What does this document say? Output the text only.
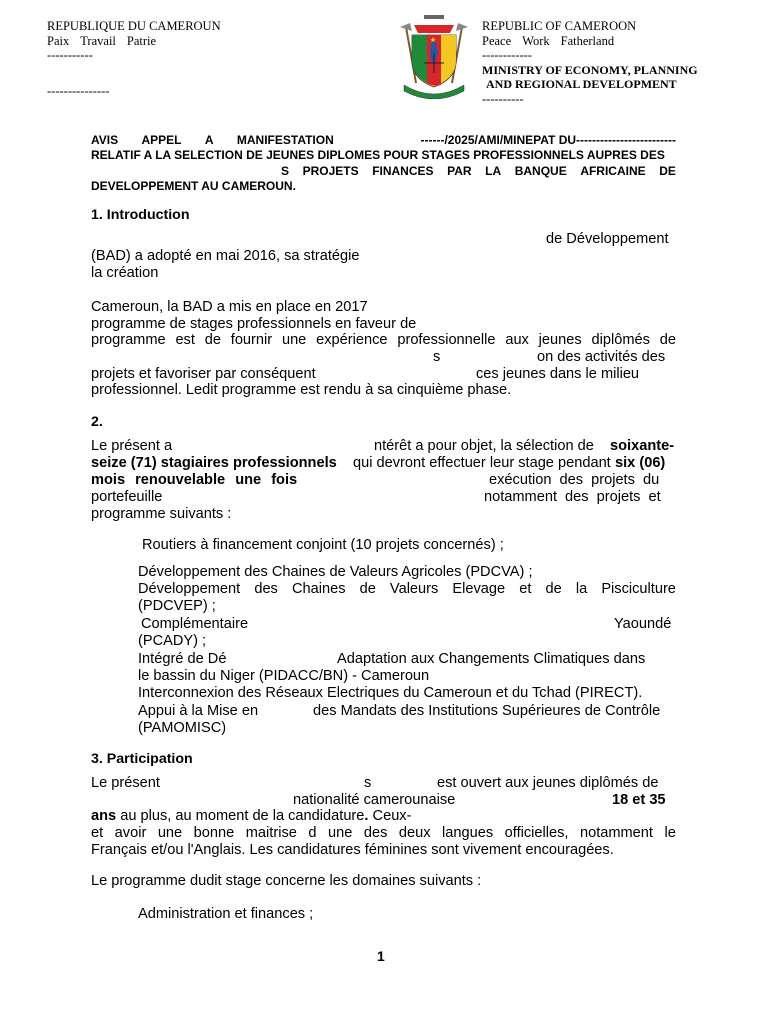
REPUBLIQUE DU CAMEROUN
Paix Travail Patrie
-----------
---------------
REPUBLIC OF CAMEROON
Peace Work Fatherland
------------
MINISTRY OF ECONOMY, PLANNING
AND REGIONAL DEVELOPMENT
----------
AVIS APPEL A MANIFESTATION	------/2025/AMI/MINEPAT DU-------------------------
RELATIF A LA SELECTION DE JEUNES DIPLOMES POUR STAGES PROFESSIONNELS AUPRES DES
S PROJETS FINANCES PAR LA BANQUE AFRICAINE DE
DEVELOPPEMENT AU CAMEROUN.
1. Introduction
de Développement
(BAD) a adopté en mai 2016, sa stratégie
la création
Cameroun, la BAD a mis en place en 2017
programme de stages professionnels en faveur de
programme est de fournir une expérience professionnelle aux jeunes diplômés de
s	on des activités des
projets et favoriser par conséquent	ces jeunes dans le milieu
professionnel. Ledit programme est rendu à sa cinquième phase.
2.
Le présent a	ntérêt a pour objet, la sélection de soixante-
seize (71) stagiaires professionnels qui devront effectuer leur stage pendant six (06)
mois renouvelable une fois	exécution des projets du
portefeuille	notamment des projets et
programme suivants :
Routiers à financement conjoint (10 projets concernés) ;
Développement des Chaines de Valeurs Agricoles (PDCVA) ;
Développement des Chaines de Valeurs Elevage et de la Pisciculture
(PDCVEP) ;
Complémentaire	Yaoundé
(PCADY) ;
Intégré de Dé	Adaptation aux Changements Climatiques dans
le bassin du Niger (PIDACC/BN) - Cameroun
Interconnexion des Réseaux Electriques du Cameroun et du Tchad (PIRECT).
Appui à la Mise en	des Mandats des Institutions Supérieures de Contrôle
(PAMOMISC)
3. Participation
Le présent	s	est ouvert aux jeunes diplômés de
nationalité camerounaise	18 et 35
ans au plus, au moment de la candidature. Ceux-
et avoir une bonne maitrise d une des deux langues officielles, notamment le
Français et/ou l'Anglais. Les candidatures féminines sont vivement encouragées.
Le programme dudit stage concerne les domaines suivants :
Administration et finances ;
1
